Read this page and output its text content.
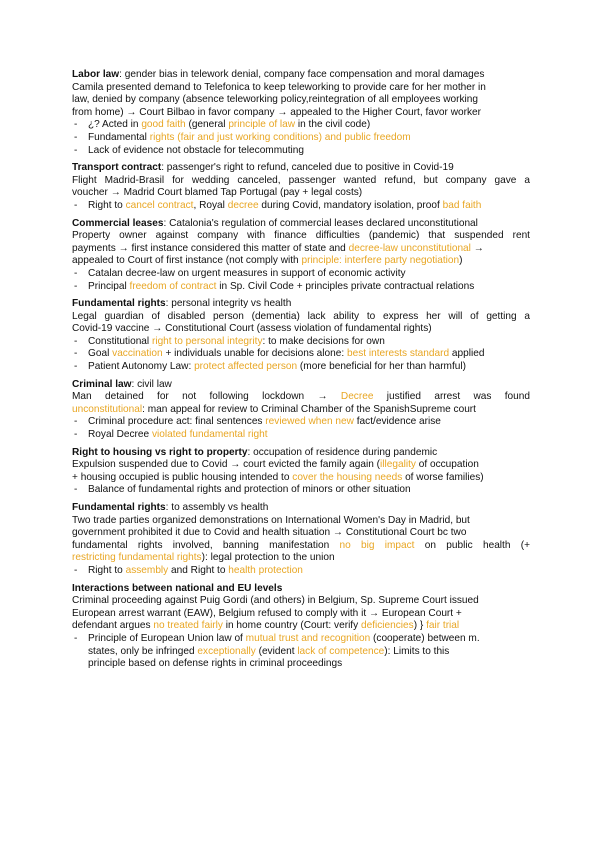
Labor law: gender bias in telework denial, company face compensation and moral damages
Camila presented demand to Telefonica to keep teleworking to provide care for her mother in
law, denied by company (absence teleworking policy,reintegration of all employees working
from home) → Court Bilbao in favor company → appealed to the Higher Court, favor worker
- ¿? Acted in good faith (general principle of law in the civil code)
- Fundamental rights (fair and just working conditions) and public freedom
- Lack of evidence not obstacle for telecommuting
Transport contract: passenger's right to refund, canceled due to positive in Covid-19
Flight Madrid-Brasil for wedding canceled, passenger wanted refund, but company gave a
voucher → Madrid Court blamed Tap Portugal (pay + legal costs)
- Right to cancel contract, Royal decree during Covid, mandatory isolation, proof bad faith
Commercial leases: Catalonia's regulation of commercial leases declared unconstitutional
Property owner against company with finance difficulties (pandemic) that suspended rent
payments → first instance considered this matter of state and decree-law unconstitutional →
appealed to Court of first instance (not comply with principle: interfere party negotiation)
- Catalan decree-law on urgent measures in support of economic activity
- Principal freedom of contract in Sp. Civil Code + principles private contractual relations
Fundamental rights: personal integrity vs health
Legal guardian of disabled person (dementia) lack ability to express her will of getting a
Covid-19 vaccine → Constitutional Court (assess violation of fundamental rights)
- Constitutional right to personal integrity: to make decisions for own
- Goal vaccination + individuals unable for decisions alone: best interests standard applied
- Patient Autonomy Law: protect affected person (more beneficial for her than harmful)
Criminal law: civil law
Man detained for not following lockdown → Decree justified arrest was found
unconstitutional: man appeal for review to Criminal Chamber of the SpanishSupreme court
- Criminal procedure act: final sentences reviewed when new fact/evidence arise
- Royal Decree violated fundamental right
Right to housing vs right to property: occupation of residence during pandemic
Expulsion suspended due to Covid → court evicted the family again (illegality of occupation
+ housing occupied is public housing intended to cover the housing needs of worse families)
- Balance of fundamental rights and protection of minors or other situation
Fundamental rights: to assembly vs health
Two trade parties organized demonstrations on International Women's Day in Madrid, but
government prohibited it due to Covid and health situation → Constitutional Court bc two
fundamental rights involved, banning manifestation no big impact on public health (+
restricting fundamental rights): legal protection to the union
- Right to assembly and Right to health protection
Interactions between national and EU levels
Criminal proceeding against Puig Gordi (and others) in Belgium, Sp. Supreme Court issued
European arrest warrant (EAW), Belgium refused to comply with it → European Court +
defendant argues no treated fairly in home country (Court: verify deficiencies) } fair trial
- Principle of European Union law of mutual trust and recognition (cooperate) between m.
states, only be infringed exceptionally (evident lack of competence): Limits to this
principle based on defense rights in criminal proceedings
